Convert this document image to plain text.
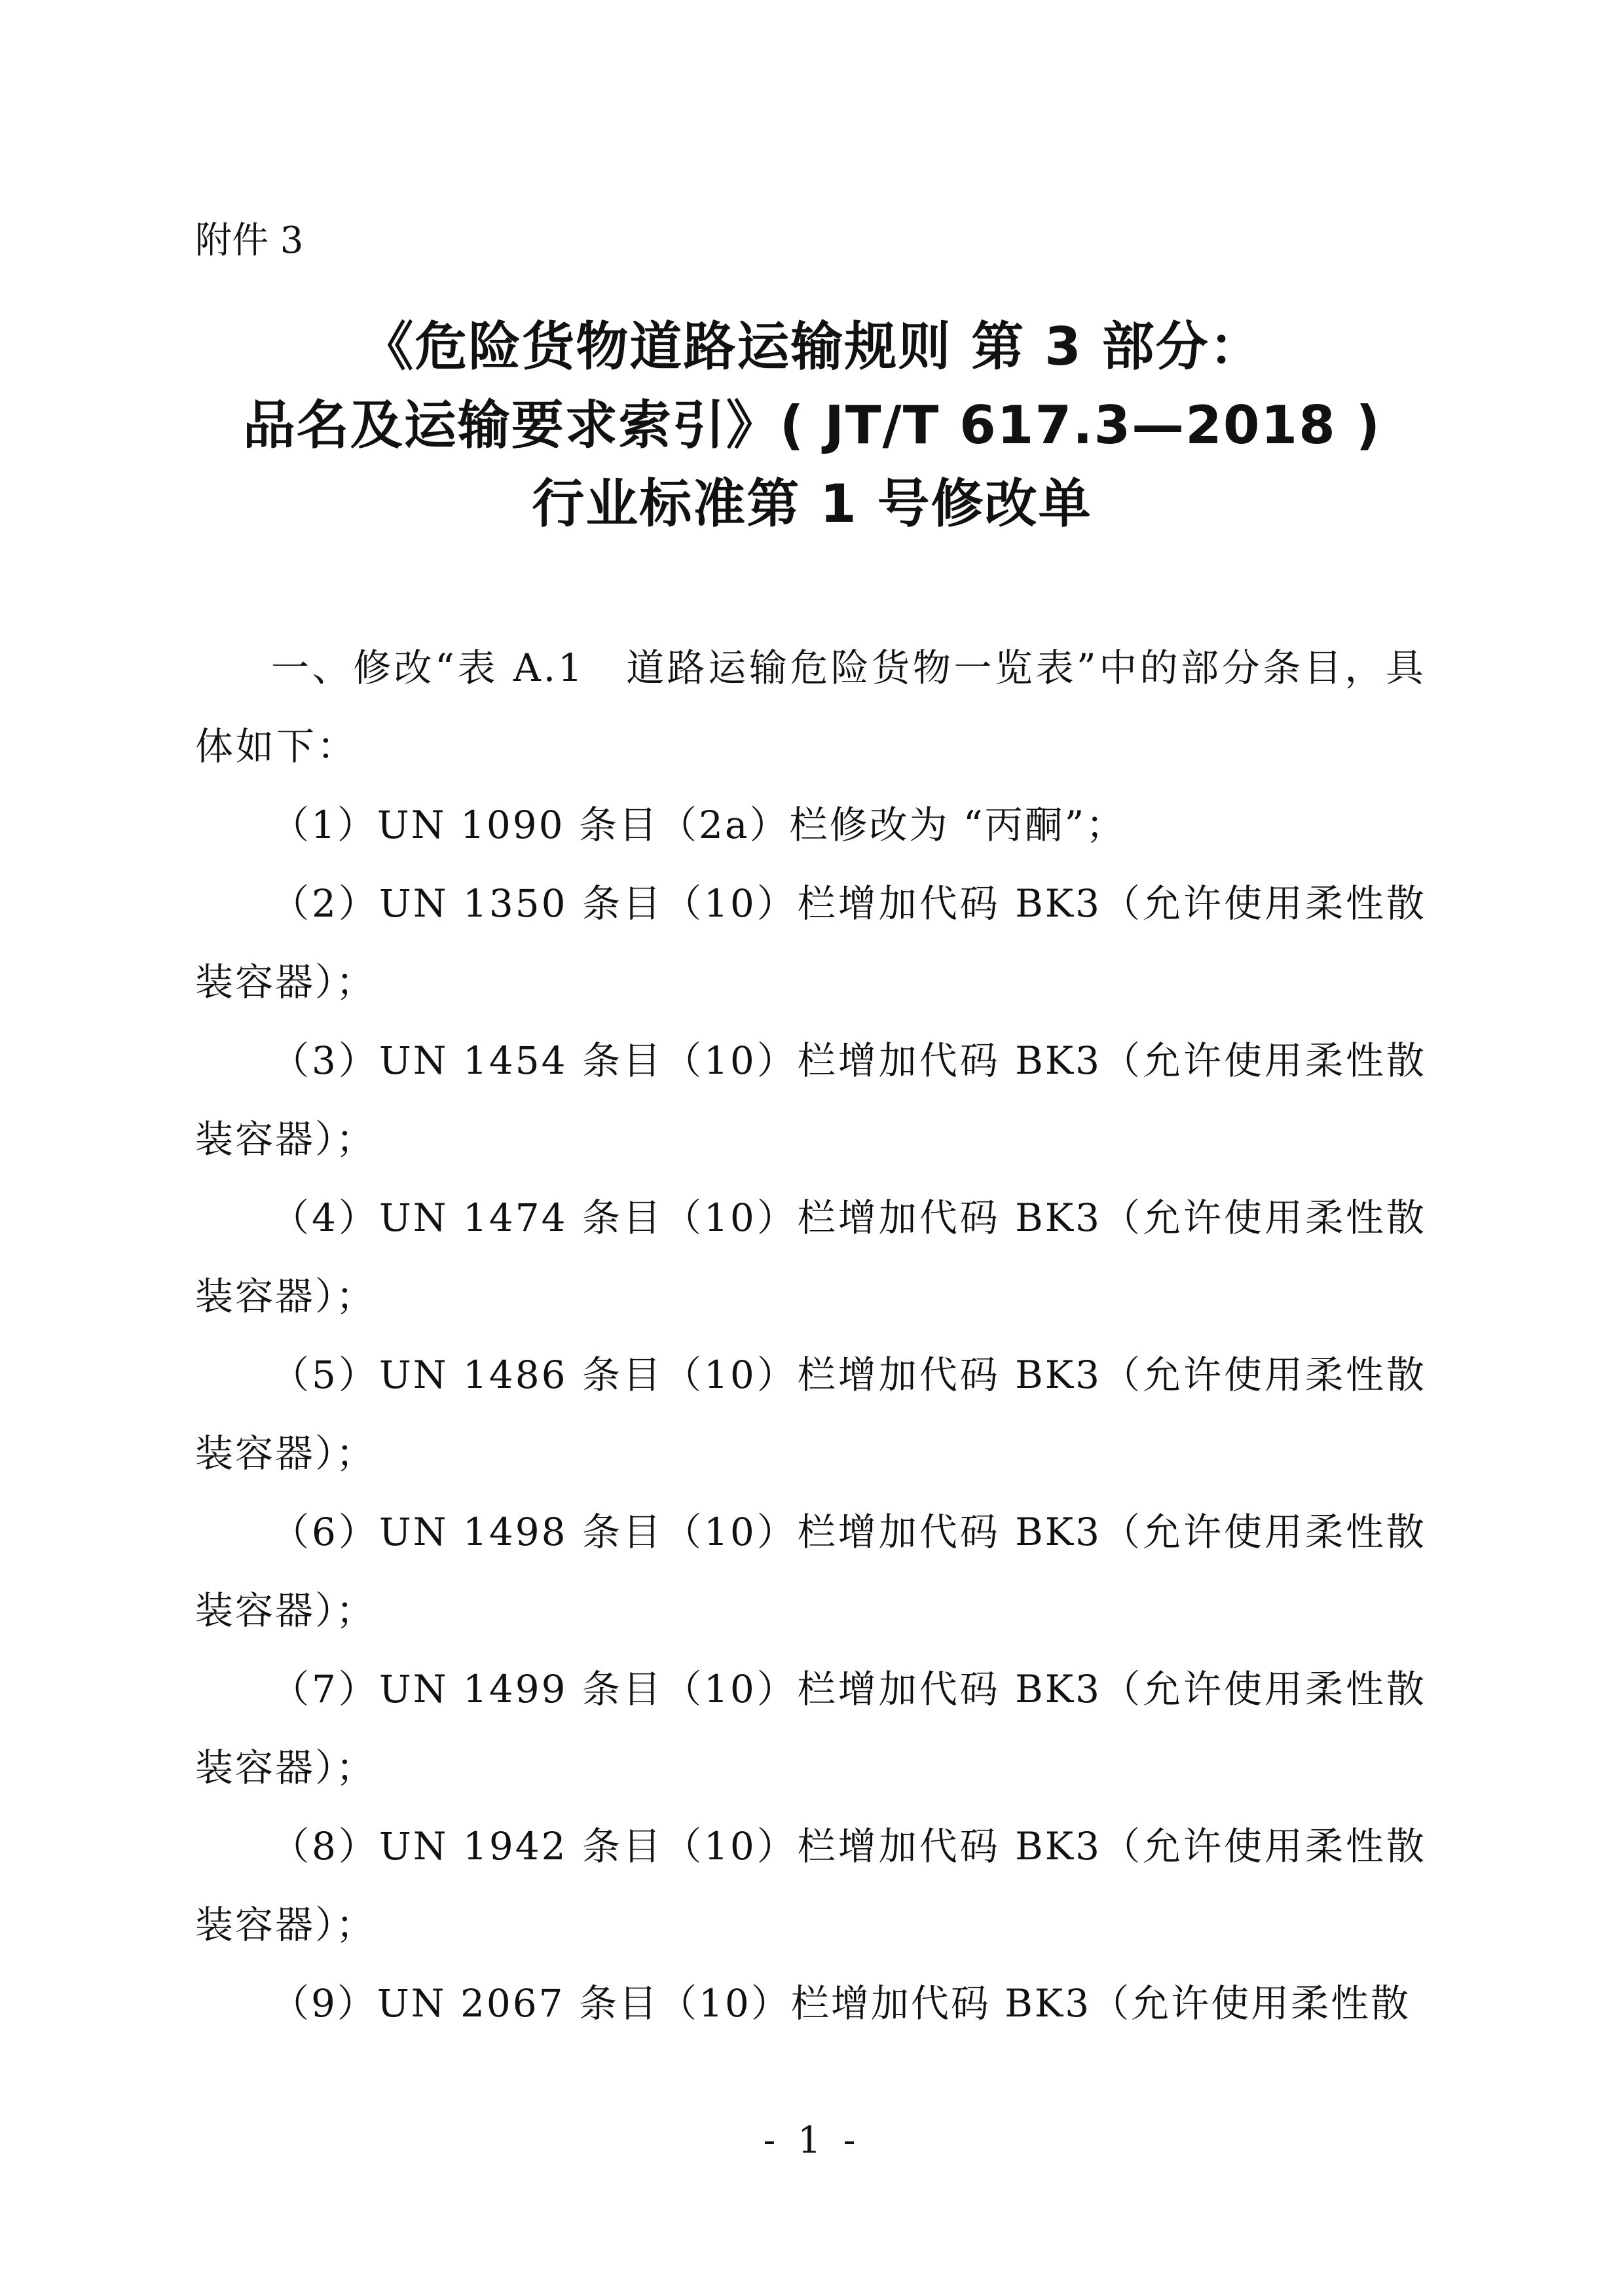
附件 3
《危险货物道路运输规则 第 3 部分：
品名及运输要求索引》( JT/T 617.3—2018 )
行业标准第 1 号修改单

一、修改“表 A.1　道路运输危险货物一览表”中的部分条目，具体如下：

（1）UN 1090 条目（2a）栏修改为 “丙酮”；

（2）UN 1350 条目（10）栏增加代码 BK3（允许使用柔性散装容器）；

（3）UN 1454 条目（10）栏增加代码 BK3（允许使用柔性散装容器）；

（4）UN 1474 条目（10）栏增加代码 BK3（允许使用柔性散装容器）；

（5）UN 1486 条目（10）栏增加代码 BK3（允许使用柔性散装容器）；

（6）UN 1498 条目（10）栏增加代码 BK3（允许使用柔性散装容器）；

（7）UN 1499 条目（10）栏增加代码 BK3（允许使用柔性散装容器）；

（8）UN 1942 条目（10）栏增加代码 BK3（允许使用柔性散装容器）；

（9）UN 2067 条目（10）栏增加代码 BK3（允许使用柔性散

- 1 -
